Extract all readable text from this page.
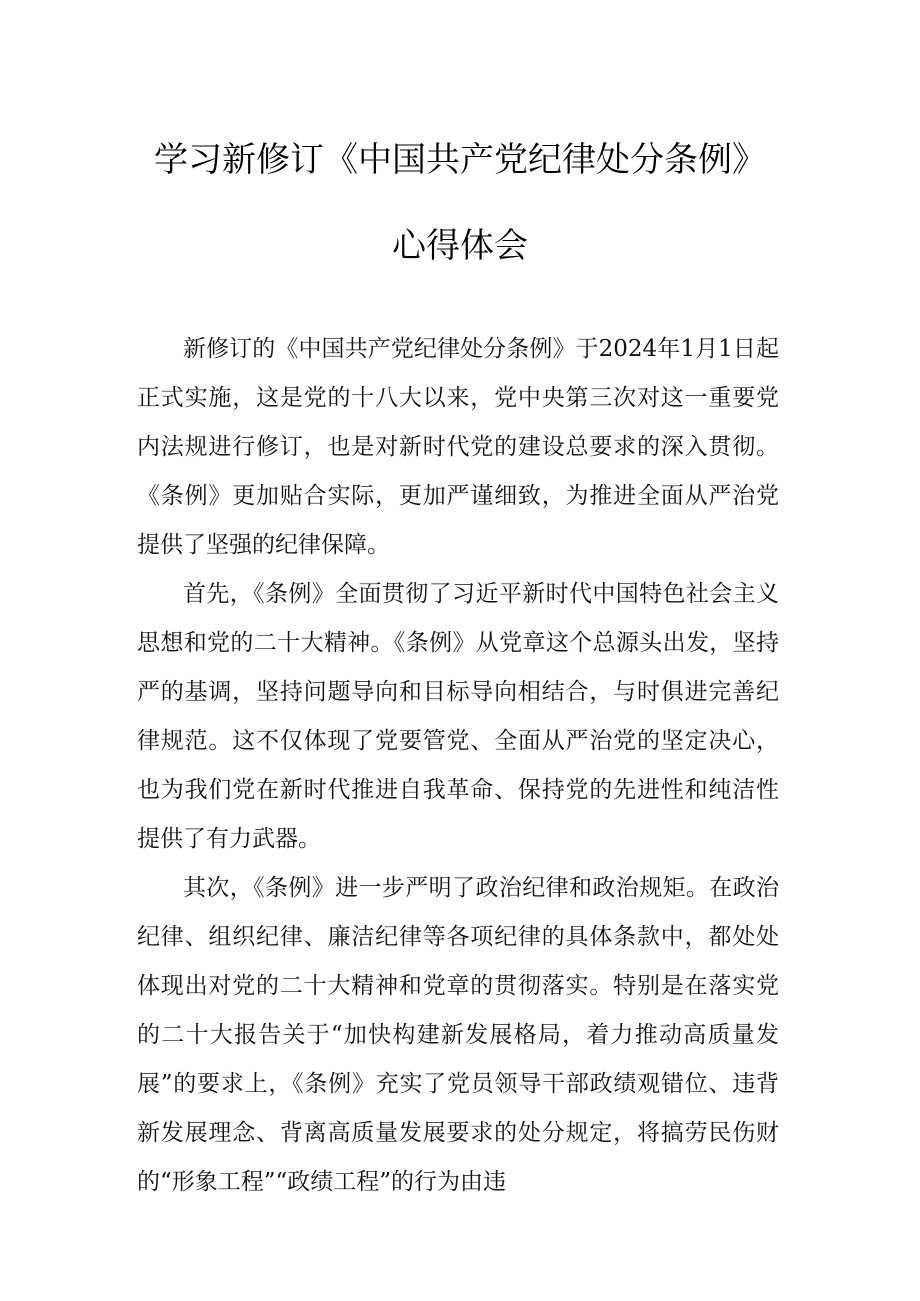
学习新修订《中国共产党纪律处分条例》
心得体会

新修订的《中国共产党纪律处分条例》于2024年1月1日起正式实施，这是党的十八大以来，党中央第三次对这一重要党内法规进行修订，也是对新时代党的建设总要求的深入贯彻。《条例》更加贴合实际，更加严谨细致，为推进全面从严治党提供了坚强的纪律保障。

首先，《条例》全面贯彻了习近平新时代中国特色社会主义思想和党的二十大精神。《条例》从党章这个总源头出发，坚持严的基调，坚持问题导向和目标导向相结合，与时俱进完善纪律规范。这不仅体现了党要管党、全面从严治党的坚定决心，也为我们党在新时代推进自我革命、保持党的先进性和纯洁性提供了有力武器。

其次，《条例》进一步严明了政治纪律和政治规矩。在政治纪律、组织纪律、廉洁纪律等各项纪律的具体条款中，都处处体现出对党的二十大精神和党章的贯彻落实。特别是在落实党的二十大报告关于“加快构建新发展格局，着力推动高质量发展”的要求上，《条例》充实了党员领导干部政绩观错位、违背新发展理念、背离高质量发展要求的处分规定，将搞劳民伤财的“形象工程”“政绩工程”的行为由违
